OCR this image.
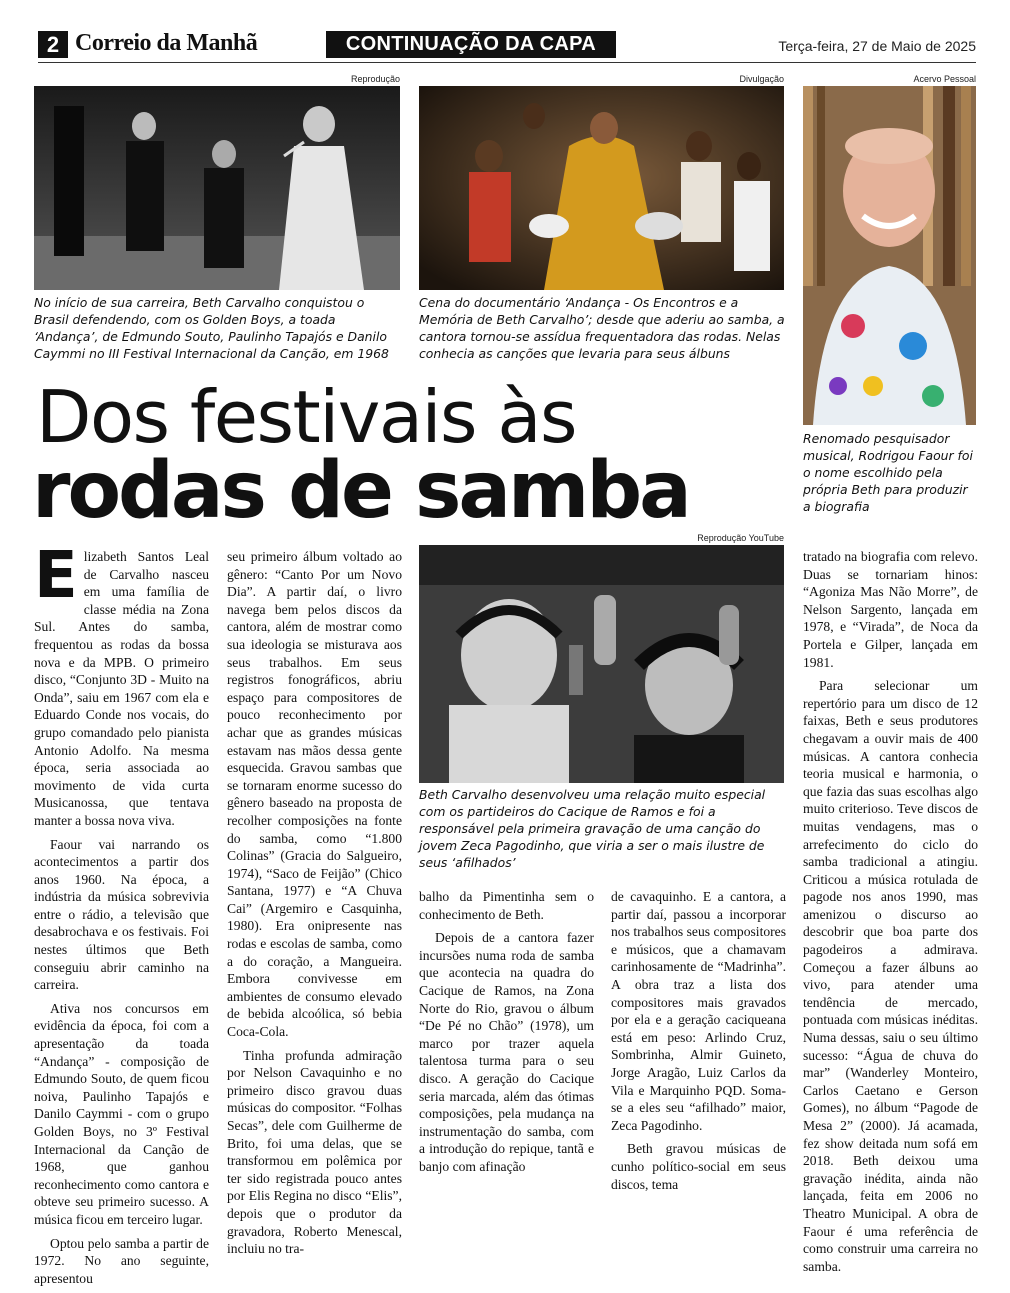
2 Correio da Manhã	CONTINUAÇÃO DA CAPA	Terça-feira, 27 de Maio de 2025
Reprodução
No início de sua carreira, Beth Carvalho conquistou o Brasil defendendo, com os Golden Boys, a toada ‘Andança’, de Edmundo Souto, Paulinho Tapajós e Danilo Caymmi no III Festival Internacional da Canção, em 1968
Divulgação
Cena do documentário ‘Andança - Os Encontros e a Memória de Beth Carvalho’; desde que aderiu ao samba, a cantora tornou-se assídua frequentadora das rodas. Nelas conhecia as canções que levaria para seus álbuns
Acervo Pessoal
Renomado pesquisador musical, Rodrigou Faour foi o nome escolhido pela própria Beth para produzir a biografia
Dos festivais às
rodas de samba
Reprodução YouTube
Beth Carvalho desenvolveu uma relação muito especial com os partideiros do Cacique de Ramos e foi a responsável pela primeira gravação de uma canção do jovem Zeca Pagodinho, que viria a ser o mais ilustre de seus ‘afilhados’

Elizabeth Santos Leal de Carvalho nasceu em uma família de classe média na Zona Sul. Antes do samba, frequentou as rodas da bossa nova e da MPB. O primeiro disco, “Conjunto 3D - Muito na Onda”, saiu em 1967 com ela e Eduardo Conde nos vocais, do grupo comandado pelo pianista Antonio Adolfo. Na mesma época, seria associada ao movimento de vida curta Musicanossa, que tentava manter a bossa nova viva.

Faour vai narrando os acontecimentos a partir dos anos 1960. Na época, a indústria da música sobrevivia entre o rádio, a televisão que desabrochava e os festivais. Foi nestes últimos que Beth conseguiu abrir caminho na carreira.

Ativa nos concursos em evidência da época, foi com a apresentação da toada “Andança” - composição de Edmundo Souto, de quem ficou noiva, Paulinho Tapajós e Danilo Caymmi - com o grupo Golden Boys, no 3º Festival Internacional da Canção de 1968, que ganhou reconhecimento como cantora e obteve seu primeiro sucesso. A música ficou em terceiro lugar.

Optou pelo samba a partir de 1972. No ano seguinte, apresentou

seu primeiro álbum voltado ao gênero: “Canto Por um Novo Dia”. A partir daí, o livro navega bem pelos discos da cantora, além de mostrar como sua ideologia se misturava aos seus trabalhos. Em seus registros fonográficos, abriu espaço para compositores de pouco reconhecimento por achar que as grandes músicas estavam nas mãos dessa gente esquecida. Gravou sambas que se tornaram enorme sucesso do gênero baseado na proposta de recolher composições na fonte do samba, como “1.800 Colinas” (Gracia do Salgueiro, 1974), “Saco de Feijão” (Chico Santana, 1977) e “A Chuva Cai” (Argemiro e Casquinha, 1980). Era onipresente nas rodas e escolas de samba, como a do coração, a Mangueira. Embora convivesse em ambientes de consumo elevado de bebida alcoólica, só bebia Coca-Cola.

Tinha profunda admiração por Nelson Cavaquinho e no primeiro disco gravou duas músicas do compositor. “Folhas Secas”, dele com Guilherme de Brito, foi uma delas, que se transformou em polêmica por ter sido registrada pouco antes por Elis Regina no disco “Elis”, depois que o produtor da gravadora, Roberto Menescal, incluiu no tra-

balho da Pimentinha sem o conhecimento de Beth.

Depois de a cantora fazer incursões numa roda de samba que acontecia na quadra do Cacique de Ramos, na Zona Norte do Rio, gravou o álbum “De Pé no Chão” (1978), um marco por trazer aquela talentosa turma para o seu disco. A geração do Cacique seria marcada, além das ótimas composições, pela mudança na instrumentação do samba, com a introdução do repique, tantã e banjo com afinação

de cavaquinho. E a cantora, a partir daí, passou a incorporar nos trabalhos seus compositores e músicos, que a chamavam carinhosamente de “Madrinha”. A obra traz a lista dos compositores mais gravados por ela e a geração caciqueana está em peso: Arlindo Cruz, Sombrinha, Almir Guineto, Jorge Aragão, Luiz Carlos da Vila e Marquinho PQD. Soma-se a eles seu “afilhado” maior, Zeca Pagodinho.

Beth gravou músicas de cunho político-social em seus discos, tema

tratado na biografia com relevo. Duas se tornariam hinos: “Agoniza Mas Não Morre”, de Nelson Sargento, lançada em 1978, e “Virada”, de Noca da Portela e Gilper, lançada em 1981.

Para selecionar um repertório para um disco de 12 faixas, Beth e seus produtores chegavam a ouvir mais de 400 músicas. A cantora conhecia teoria musical e harmonia, o que fazia das suas escolhas algo muito criterioso. Teve discos de muitas vendagens, mas o arrefecimento do ciclo do samba tradicional a atingiu. Criticou a música rotulada de pagode nos anos 1990, mas amenizou o discurso ao descobrir que boa parte dos pagodeiros a admirava. Começou a fazer álbuns ao vivo, para atender uma tendência de mercado, pontuada com músicas inéditas. Numa dessas, saiu o seu último sucesso: “Água de chuva do mar” (Wanderley Monteiro, Carlos Caetano e Gerson Gomes), no álbum “Pagode de Mesa 2” (2000). Já acamada, fez show deitada num sofá em 2018. Beth deixou uma gravação inédita, ainda não lançada, feita em 2006 no Theatro Municipal. A obra de Faour é uma referência de como construir uma carreira no samba.
